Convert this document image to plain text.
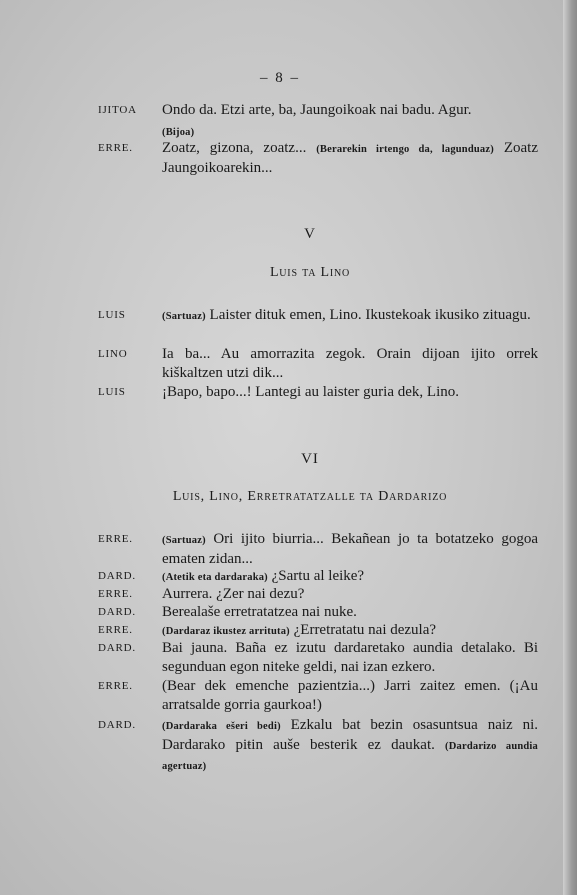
– 8 –
IJITOA	Ondo da. Etzi arte, ba, Jaungoikoak nai badu. Agur.
(Bijoa)
ERRE.	Zoatz, gizona, zoatz... (Berarekin irtengo da, lagunduaz) Zoatz Jaungoikoarekin...
V
Luis ta Lino
LUIS	(Sartuaz) Laister dituk emen, Lino. Ikustekoak ikusiko zituagu.
LINO	Ia ba... Au amorrazita zegok. Orain dijoan ijito orrek kiškaltzen utzi dik...
LUIS	¡Bapo, bapo...! Lantegi au laister guria dek, Lino.
VI
Luis, Lino, Erretratatzalle ta Dardarizo
ERRE.	(Sartuaz) Ori ijito biurria... Bekañean jo ta botatzeko gogoa ematen zidan...
DARD.	(Atetik eta dardaraka) ¿Sartu al leike?
ERRE.	Aurrera. ¿Zer nai dezu?
DARD.	Berealaše erretratatzea nai nuke.
ERRE.	(Dardaraz ikustez arrituta) ¿Erretratatu nai dezula?
DARD.	Bai jauna. Baña ez izutu dardaretako aundia detalako. Bi segunduan egon niteke geldi, nai izan ezkero.
ERRE.	(Bear dek emenche pazientzia...) Jarri zaitez emen. (¡Au arratsalde gorria gaurkoa!)
DARD.	(Dardaraka ešeri bedi) Ezkalu bat bezin osasuntsua naiz ni. Dardarako piŧin auše besterik ez daukat. (Dardarizo aundia agertuaz)
